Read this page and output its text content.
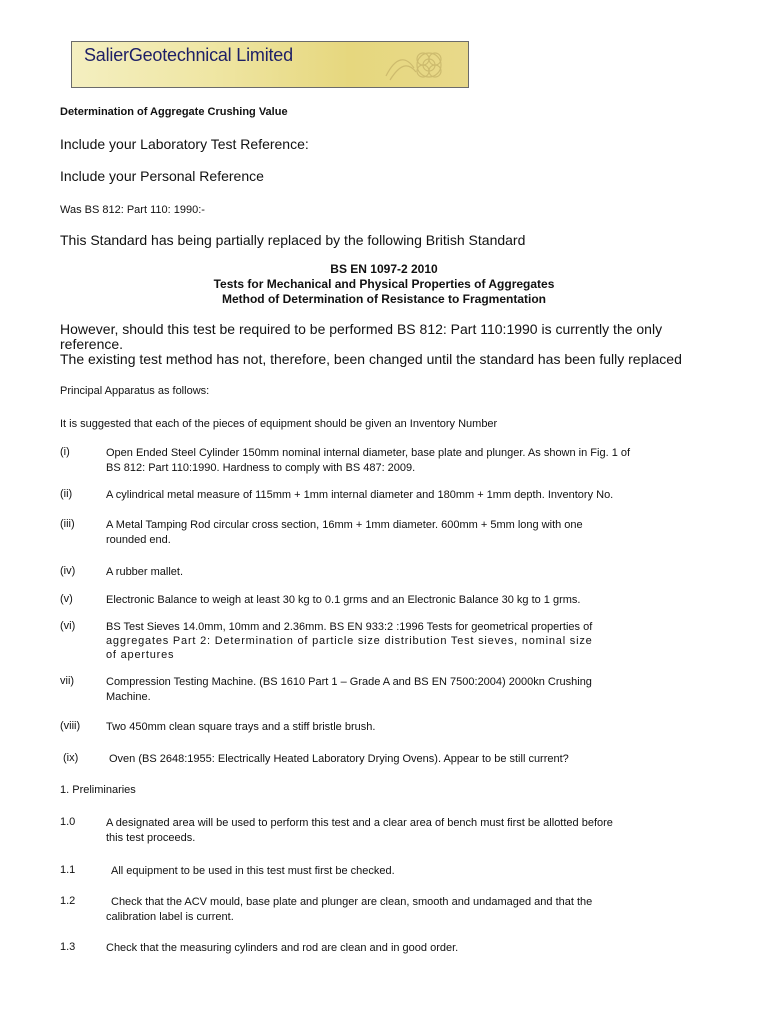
SalierGeotechnical Limited
Determination of Aggregate Crushing Value
Include your Laboratory Test Reference:
Include your Personal Reference
Was BS 812: Part 110: 1990:-
This Standard has being partially replaced by the following British Standard
BS EN 1097-2 2010
Tests for Mechanical and Physical Properties of Aggregates
Method of Determination of Resistance to Fragmentation
However, should this test be required to be performed BS 812: Part 110:1990 is currently the only
reference.
The existing test method has not, therefore, been changed until the standard has been fully replaced
Principal Apparatus as follows:
It is suggested that each of the pieces of equipment should be given an Inventory Number
(i)	Open Ended Steel Cylinder 150mm nominal internal diameter, base plate and plunger. As shown in Fig. 1 of
BS 812: Part 110:1990. Hardness to comply with BS 487: 2009.
(ii)	A cylindrical metal measure of 115mm + 1mm internal diameter and 180mm + 1mm depth. Inventory No.
(iii)	A Metal Tamping Rod circular cross section, 16mm + 1mm diameter. 600mm + 5mm long with one
rounded end.
(iv)	A rubber mallet.
(v)	Electronic Balance to weigh at least 30 kg to 0.1 grms and an Electronic Balance 30 kg to 1 grms.
(vi)	BS Test Sieves 14.0mm, 10mm and 2.36mm. BS EN 933:2 :1996 Tests for geometrical properties of
aggregates Part 2: Determination of particle size distribution Test sieves, nominal size
of apertures
vii)	Compression Testing Machine. (BS 1610 Part 1 – Grade A and BS EN 7500:2004) 2000kn Crushing
Machine.
(viii) Two 450mm clean square trays and a stiff bristle brush.
(ix)	Oven (BS 2648:1955: Electrically Heated Laboratory Drying Ovens). Appear to be still current?
1. Preliminaries
1.0	A designated area will be used to perform this test and a clear area of bench must first be allotted before
this test proceeds.
1.1	All equipment to be used in this test must first be checked.
1.2	Check that the ACV mould, base plate and plunger are clean, smooth and undamaged and that the
calibration label is current.
1.3	Check that the measuring cylinders and rod are clean and in good order.
